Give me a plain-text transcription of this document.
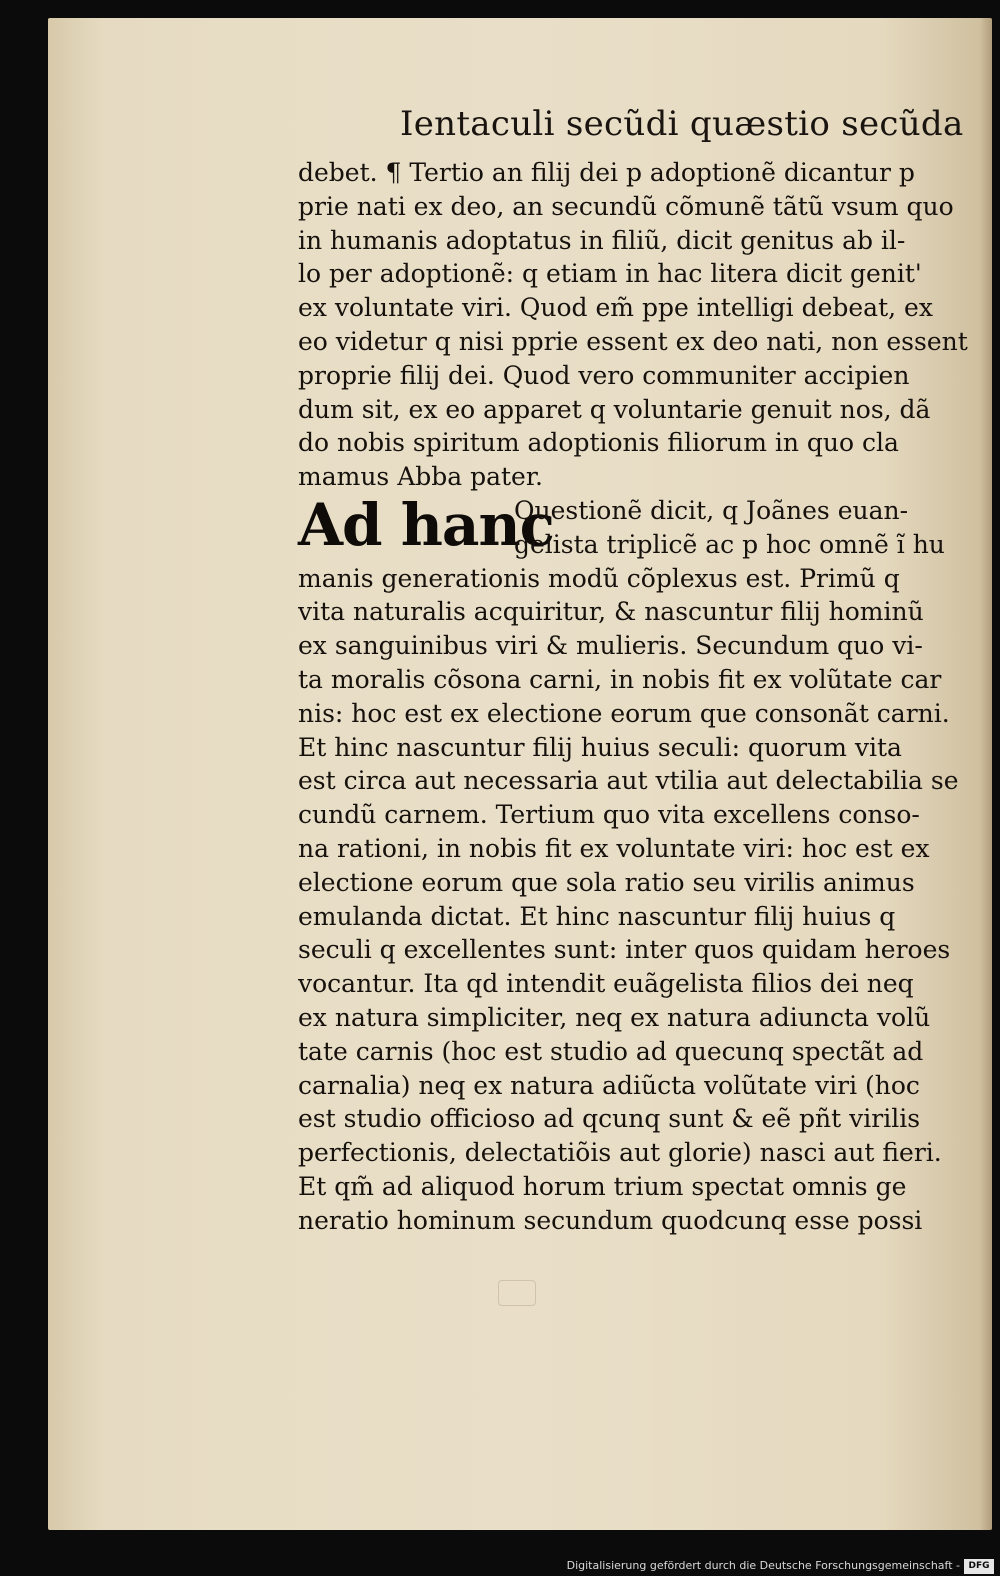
Ientaculi secũdi quæstio secũda
debet. ¶ Tertio an filij dei p adoptionẽ dicantur p
prie nati ex deo, an secundũ cõmunẽ tãtũ vsum quo
in humanis adoptatus in filiũ, dicit genitus ab il-
lo per adoptionẽ: q etiam in hac litera dicit genit'
ex voluntate viri. Quod em̃ ppe intelligi debeat, ex
eo videtur q nisi pprie essent ex deo nati, non essent
proprie filij dei. Quod vero communiter accipien
dum sit, ex eo apparet q voluntarie genuit nos, dã
do nobis spiritum adoptionis filiorum in quo cla
mamus Abba pater.
Ad hanc
Questionẽ dicit, q Joãnes euan-
gelista triplicẽ ac p hoc omnẽ ĩ hu
manis generationis modũ cõplexus est. Primũ q
vita naturalis acquiritur, & nascuntur filij hominũ
ex sanguinibus viri & mulieris. Secundum quo vi-
ta moralis cõsona carni, in nobis fit ex volũtate car
nis: hoc est ex electione eorum que consonãt carni.
Et hinc nascuntur filij huius seculi: quorum vita
est circa aut necessaria aut vtilia aut delectabilia se
cundũ carnem. Tertium quo vita excellens conso-
na rationi, in nobis fit ex voluntate viri: hoc est ex
electione eorum que sola ratio seu virilis animus
emulanda dictat. Et hinc nascuntur filij huius q
seculi q excellentes sunt: inter quos quidam heroes
vocantur. Ita qd intendit euãgelista filios dei neq
ex natura simpliciter, neq ex natura adiuncta volũ
tate carnis (hoc est studio ad quecunq spectãt ad
carnalia) neq ex natura adiũcta volũtate viri (hoc
est studio officioso ad qcunq sunt & eẽ pñt virilis
perfectionis, delectatiõis aut glorie) nasci aut fieri.
Et qm̃ ad aliquod horum trium spectat omnis ge
neratio hominum secundum quodcunq esse possi
Digitalisierung gefördert durch die Deutsche Forschungsgemeinschaft - DFG
